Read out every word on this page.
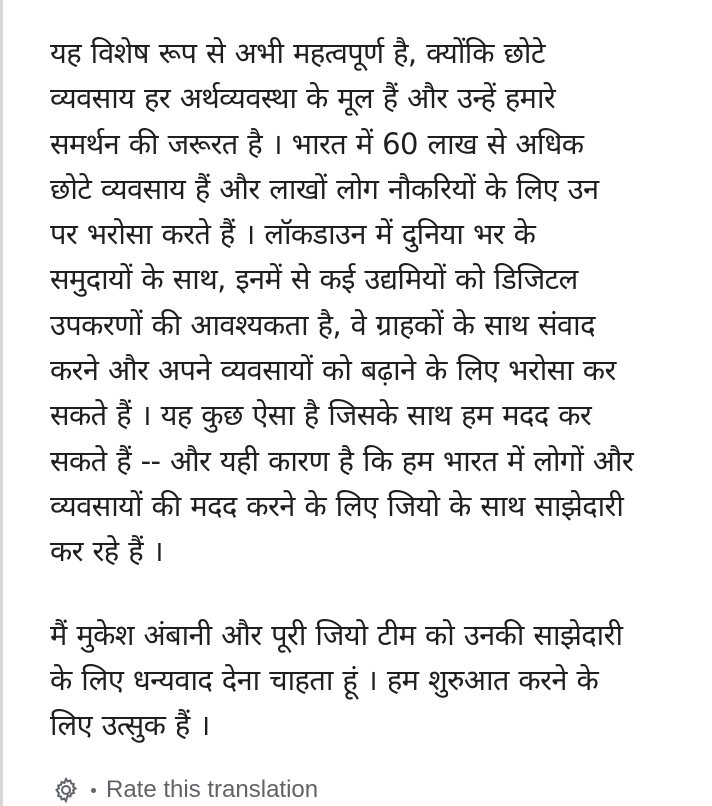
यह विशेष रूप से अभी महत्वपूर्ण है, क्योंकि छोटे
व्यवसाय हर अर्थव्यवस्था के मूल हैं और उन्हें हमारे
समर्थन की जरूरत है । भारत में 60 लाख से अधिक
छोटे व्यवसाय हैं और लाखों लोग नौकरियों के लिए उन
पर भरोसा करते हैं । लॉकडाउन में दुनिया भर के
समुदायों के साथ, इनमें से कई उद्यमियों को डिजिटल
उपकरणों की आवश्यकता है, वे ग्राहकों के साथ संवाद
करने और अपने व्यवसायों को बढ़ाने के लिए भरोसा कर
सकते हैं । यह कुछ ऐसा है जिसके साथ हम मदद कर
सकते हैं -- और यही कारण है कि हम भारत में लोगों और
व्यवसायों की मदद करने के लिए जियो के साथ साझेदारी
कर रहे हैं ।

मैं मुकेश अंबानी और पूरी जियो टीम को उनकी साझेदारी
के लिए धन्यवाद देना चाहता हूं । हम शुरुआत करने के
लिए उत्सुक हैं ।

Rate this translation
